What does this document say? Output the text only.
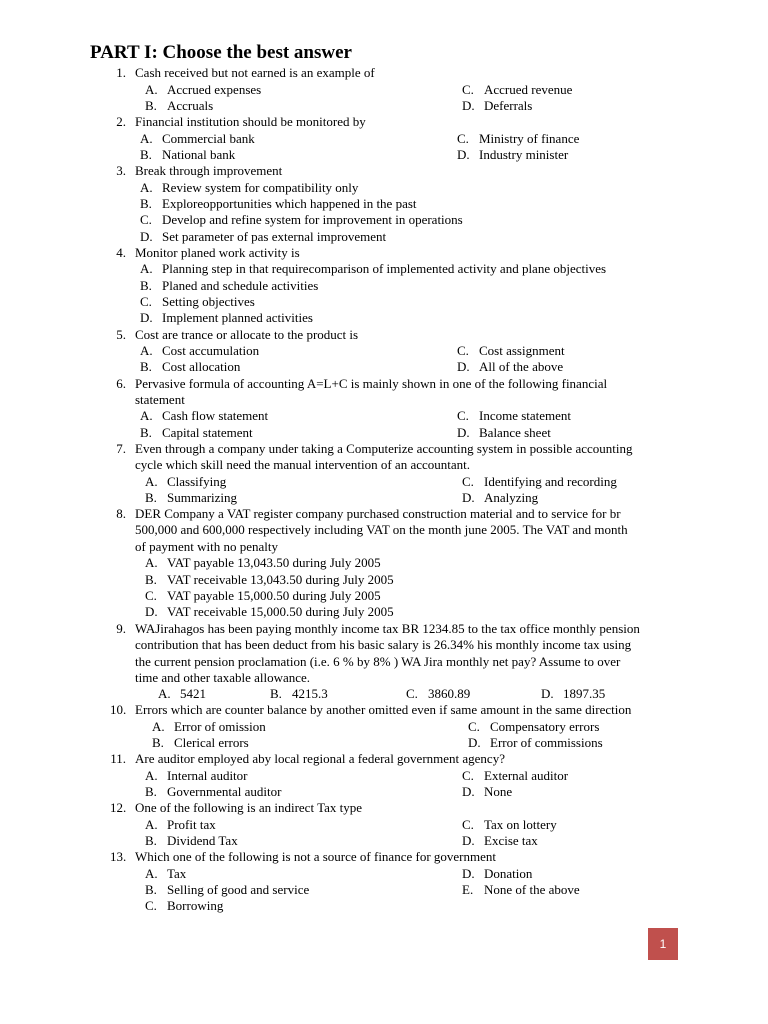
PART I: Choose the best answer
1. Cash received but not earned is an example of
A. Accrued expenses
B. Accruals
C. Accrued revenue
D. Deferrals
2. Financial institution should be monitored by
A. Commercial bank
B. National bank
C. Ministry of finance
D. Industry minister
3. Break through improvement
A. Review system for compatibility only
B. Exploreopportunities which happened in the past
C. Develop and refine system for improvement in operations
D. Set parameter of pas external improvement
4. Monitor planed work activity is
A. Planning step in that requirecomparison of implemented activity and plane objectives
B. Planed and schedule activities
C. Setting objectives
D. Implement planned activities
5. Cost are trance or allocate to the product is
A. Cost accumulation
B. Cost allocation
C. Cost assignment
D. All of the above
6. Pervasive formula of accounting A=L+C is mainly shown in one of the following financial
statement
A. Cash flow statement
B. Capital statement
C. Income statement
D. Balance sheet
7. Even through a company under taking a Computerize accounting system in possible accounting
cycle which skill need the manual intervention of an accountant.
A. Classifying
B. Summarizing
C. Identifying and recording
D. Analyzing
8. DER Company a VAT register company purchased construction material and to service for br
500,000 and 600,000 respectively including VAT on the month june 2005. The VAT and month
of payment with no penalty
A. VAT payable 13,043.50 during July 2005
B. VAT receivable 13,043.50 during July 2005
C. VAT payable 15,000.50 during July 2005
D. VAT receivable 15,000.50 during July 2005
9. WAJirahagos has been paying monthly income tax BR 1234.85 to the tax office monthly pension
contribution that has been deduct from his basic salary is 26.34% his monthly income tax using
the current pension proclamation (i.e. 6 % by 8% ) WA Jira monthly net pay? Assume to over
time and other taxable allowance.
A. 5421	B. 4215.3	C. 3860.89	D. 1897.35
10. Errors which are counter balance by another omitted even if same amount in the same direction
A. Error of omission
B. Clerical errors
C. Compensatory errors
D. Error of commissions
11. Are auditor employed aby local regional a federal government agency?
A. Internal auditor
B. Governmental auditor
C. External auditor
D. None
12. One of the following is an indirect Tax type
A. Profit tax
B. Dividend Tax
C. Tax on lottery
D. Excise tax
13. Which one of the following is not a source of finance for government
A. Tax
B. Selling of good and service
C. Borrowing
D. Donation
E. None of the above
1
